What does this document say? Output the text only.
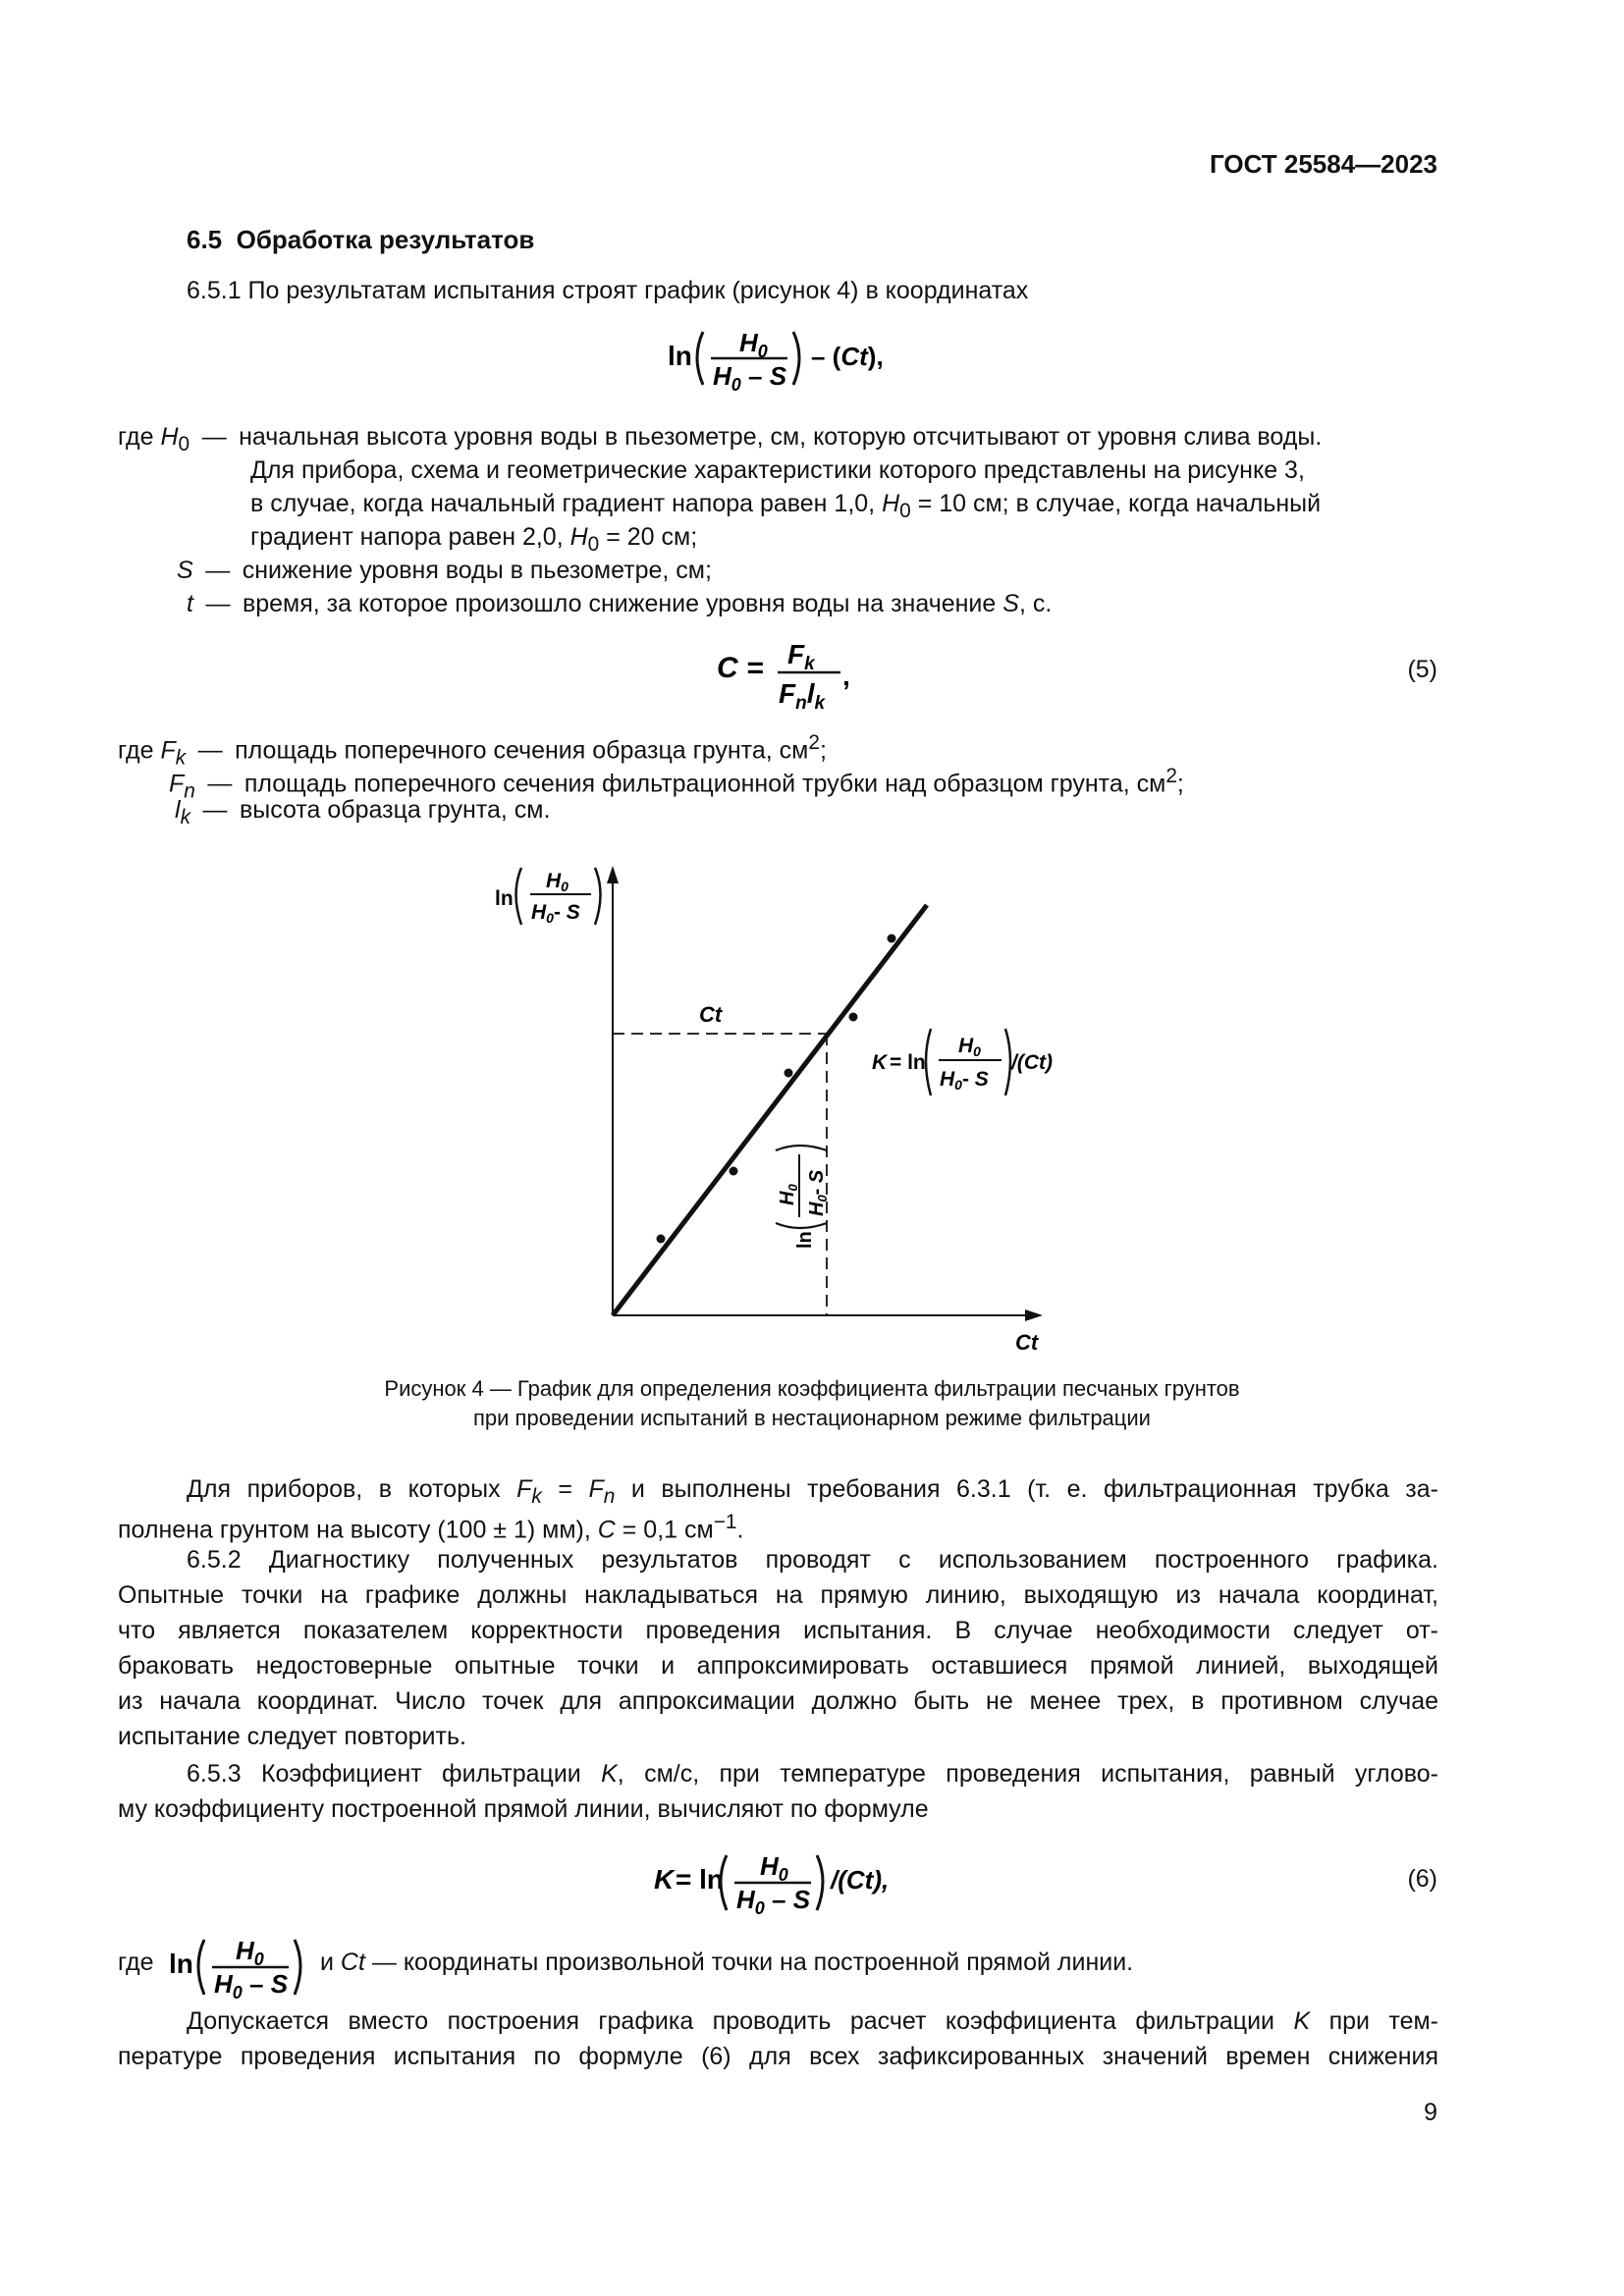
ГОСТ 25584—2023
6.5 Обработка результатов
6.5.1 По результатам испытания строят график (рисунок 4) в координатах
$\ln H_0$
$H_0$ – S
– (Ct),
где $H_0$ — начальная высота уровня воды в пьезометре, см, которую отсчитывают от уровня слива воды.
Для прибора, схема и геометрические характеристики которого представлены на рисунке 3,
в случае, когда начальный градиент напора равен 1,0, $H_0 = 10$ см; в случае, когда начальный
градиент напора равен 2,0, $H_0 = 20$ см;
S — снижение уровня воды в пьезометре, см;
t — время, за которое произошло снижение уровня воды на значение S, с.
$C = F_k$
$F_nl_k$
,	(5)
где $F_k$ — площадь поперечного сечения образца грунта, $см^2$;
$F_n$ — площадь поперечного сечения фильтрационной трубки над образцом грунта, $см^2$;
$l_k$ — высота образца грунта, см.
ln
H0
H0- S
Ct
Ct
ln
$H_0$
$H_0-$ S
K = ln
H0
H0- S
/(Ct)
Рисунок 4 — График для определения коэффициента фильтрации песчаных грунтов
при проведении испытаний в нестационарном режиме фильтрации
Для приборов, в которых $F_k = F_n$ и выполнены требования 6.3.1 (т. е. фильтрационная трубка за-
полнена грунтом на высоту (100 ± 1) мм), C = 0,1 $см^{-1}$.
6.5.2 Диагностику полученных результатов проводят с использованием построенного графика.
Опытные точки на графике должны накладываться на прямую линию, выходящую из начала координат,
что является показателем корректности проведения испытания. В случае необходимости следует от-
браковать недостоверные опытные точки и аппроксимировать оставшиеся прямой линией, выходящей
из начала координат. Число точек для аппроксимации должно быть не менее трех, в противном случае
испытание следует повторить.
6.5.3 Коэффициент фильтрации K, см/с, при температуре проведения испытания, равный углово-
му коэффициенту построенной прямой линии, вычисляют по формуле
$K = \ln H_0$
$H_0$ – S
/(Ct),	(6)
где $\ln H_0$
$H_0$ – S
и Ct — координаты произвольной точки на построенной прямой линии.
Допускается вместо построения графика проводить расчет коэффициента фильтрации K при тем-
пературе проведения испытания по формуле (6) для всех зафиксированных значений времен снижения
9
